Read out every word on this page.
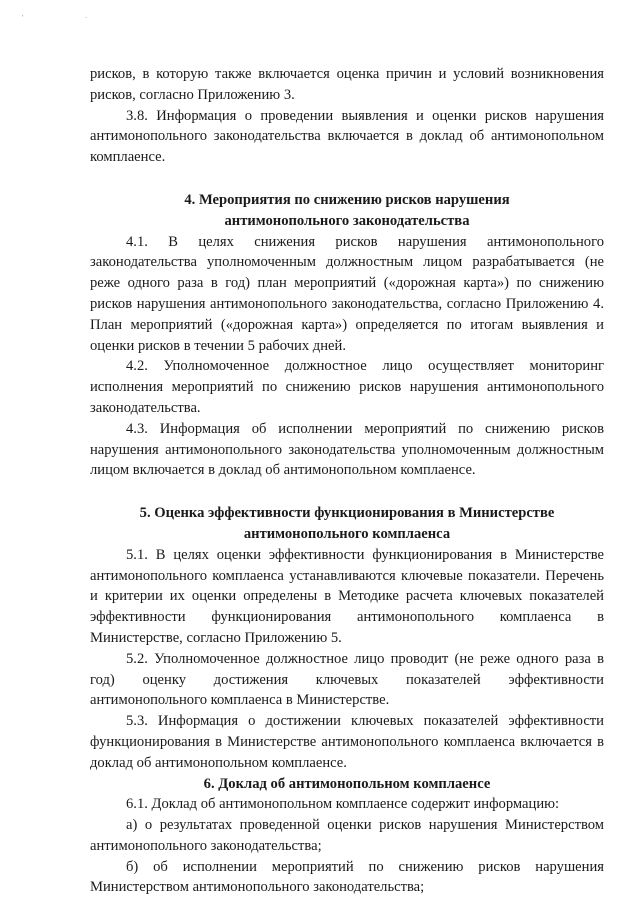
' ·

рисков, в которую также включается оценка причин и условий возникновения рисков, согласно Приложению 3.

3.8. Информация о проведении выявления и оценки рисков нарушения антимонопольного законодательства включается в доклад об антимонопольном комплаенсе.

4. Мероприятия по снижению рисков нарушения

антимонопольного законодательства

4.1. В целях снижения рисков нарушения антимонопольного законодательства уполномоченным должностным лицом разрабатывается (не реже одного раза в год) план мероприятий («дорожная карта») по снижению рисков нарушения антимонопольного законодательства, согласно Приложению 4. План мероприятий («дорожная карта») определяется по итогам выявления и оценки рисков в течении 5 рабочих дней.

4.2. Уполномоченное должностное лицо осуществляет мониторинг исполнения мероприятий по снижению рисков нарушения антимонопольного законодательства.

4.3. Информация об исполнении мероприятий по снижению рисков нарушения антимонопольного законодательства уполномоченным должностным лицом включается в доклад об антимонопольном комплаенсе.

5. Оценка эффективности функционирования в Министерстве

антимонопольного комплаенса

5.1. В целях оценки эффективности функционирования в Министерстве антимонопольного комплаенса устанавливаются ключевые показатели. Перечень и критерии их оценки определены в Методике расчета ключевых показателей эффективности функционирования антимонопольного комплаенса в Министерстве, согласно Приложению 5.

5.2. Уполномоченное должностное лицо проводит (не реже одного раза в год) оценку достижения ключевых показателей эффективности антимонопольного комплаенса в Министерстве.

5.3. Информация о достижении ключевых показателей эффективности функционирования в Министерстве антимонопольного комплаенса включается в доклад об антимонопольном комплаенсе.

6. Доклад об антимонопольном комплаенсе

6.1. Доклад об антимонопольном комплаенсе содержит информацию:

а) о результатах проведенной оценки рисков нарушения Министерством антимонопольного законодательства;

б) об исполнении мероприятий по снижению рисков нарушения Министерством антимонопольного законодательства;
